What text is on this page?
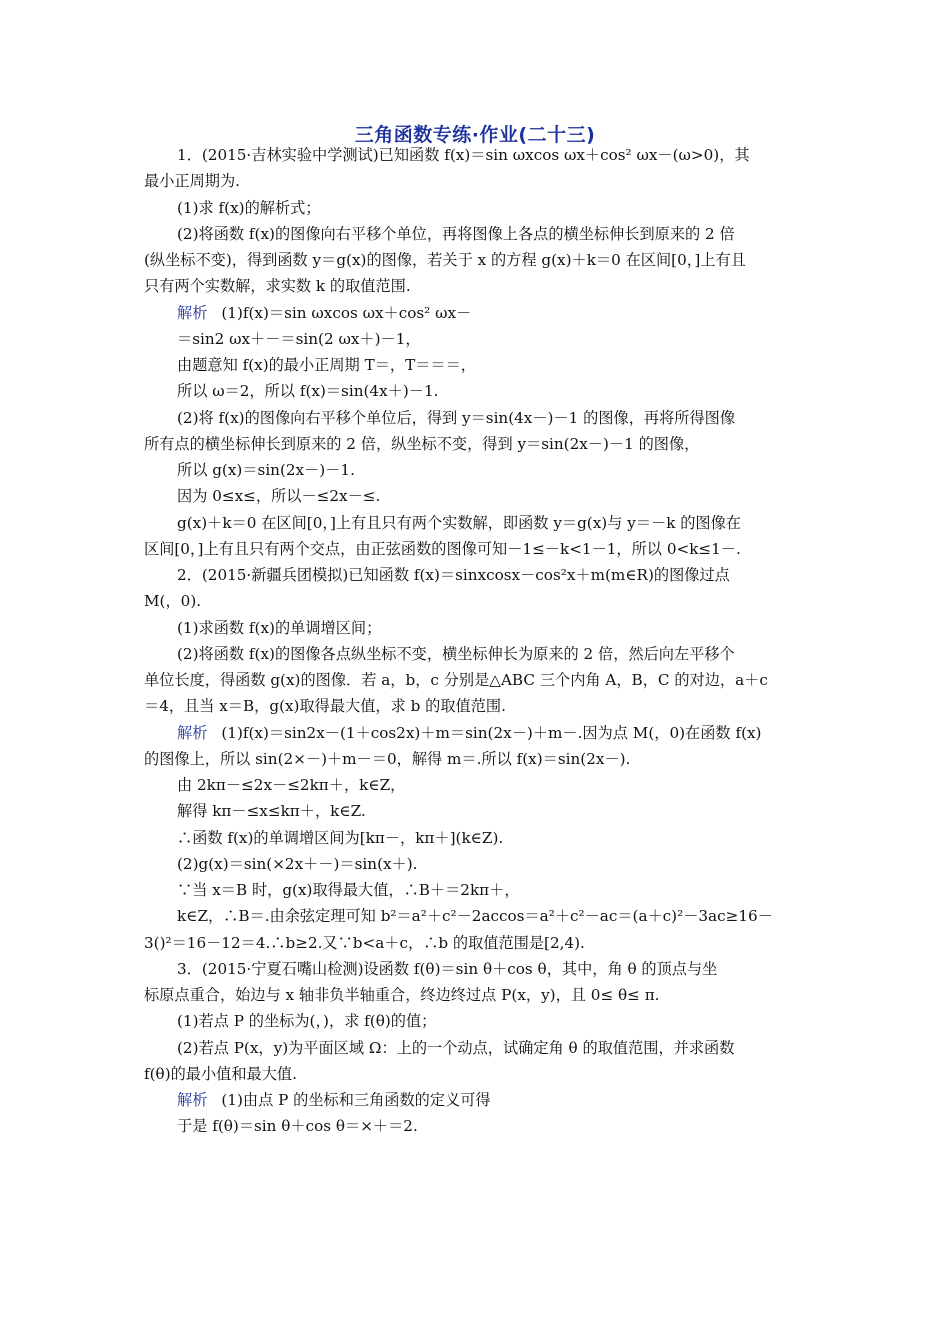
三角函数专练·作业(二十三)
1．(2015·吉林实验中学测试)已知函数 f(x)＝sin ωxcos ωx＋cos² ωx－(ω>0)，其
最小正周期为.
(1)求 f(x)的解析式；
(2)将函数 f(x)的图像向右平移个单位，再将图像上各点的横坐标伸长到原来的 2 倍
(纵坐标不变)，得到函数 y＝g(x)的图像，若关于 x 的方程 g(x)＋k＝0 在区间[0，]上有且
只有两个实数解，求实数 k 的取值范围.
解析 (1)f(x)＝sin ωxcos ωx＋cos² ωx－
＝sin2 ωx＋－＝sin(2 ωx＋)－1，
由题意知 f(x)的最小正周期 T＝，T＝＝＝，
所以 ω＝2，所以 f(x)＝sin(4x＋)－1.
(2)将 f(x)的图像向右平移个单位后，得到 y＝sin(4x－)－1 的图像，再将所得图像
所有点的横坐标伸长到原来的 2 倍，纵坐标不变，得到 y＝sin(2x－)－1 的图像，
所以 g(x)＝sin(2x－)－1.
因为 0≤x≤，所以－≤2x－≤.
g(x)＋k＝0 在区间[0，]上有且只有两个实数解，即函数 y＝g(x)与 y＝－k 的图像在
区间[0，]上有且只有两个交点，由正弦函数的图像可知－1≤－k<1－1，所以 0<k≤1－.
2．(2015·新疆兵团模拟)已知函数 f(x)＝sinxcosx－cos²x＋m(m∈R)的图像过点
M(，0).
(1)求函数 f(x)的单调增区间；
(2)将函数 f(x)的图像各点纵坐标不变，横坐标伸长为原来的 2 倍，然后向左平移个
单位长度，得函数 g(x)的图像．若 a，b，c 分别是△ABC 三个内角 A，B，C 的对边，a＋c
＝4，且当 x＝B，g(x)取得最大值，求 b 的取值范围.
解析 (1)f(x)＝sin2x－(1＋cos2x)＋m＝sin(2x－)＋m－.因为点 M(，0)在函数 f(x)
的图像上，所以 sin(2×－)＋m－＝0，解得 m＝.所以 f(x)＝sin(2x－).
由 2kπ－≤2x－≤2kπ＋，k∈Z，
解得 kπ－≤x≤kπ＋，k∈Z.
∴函数 f(x)的单调增区间为[kπ－，kπ＋](k∈Z).
(2)g(x)＝sin(×2x＋－)＝sin(x＋).
∵当 x＝B 时，g(x)取得最大值，∴B＋＝2kπ＋，
k∈Z，∴B＝.由余弦定理可知 b²＝a²＋c²－2accos＝a²＋c²－ac＝(a＋c)²－3ac≥16－
3()²＝16－12＝4.∴b≥2.又∵b<a＋c，∴b 的取值范围是[2,4).
3．(2015·宁夏石嘴山检测)设函数 f(θ)＝sin θ＋cos θ，其中，角 θ 的顶点与坐
标原点重合，始边与 x 轴非负半轴重合，终边终过点 P(x，y)，且 0≤ θ≤ π.
(1)若点 P 的坐标为(，)，求 f(θ)的值；
(2)若点 P(x，y)为平面区域 Ω：上的一个动点，试确定角 θ 的取值范围，并求函数
f(θ)的最小值和最大值.
解析 (1)由点 P 的坐标和三角函数的定义可得
于是 f(θ)＝sin θ＋cos θ＝×＋＝2.
